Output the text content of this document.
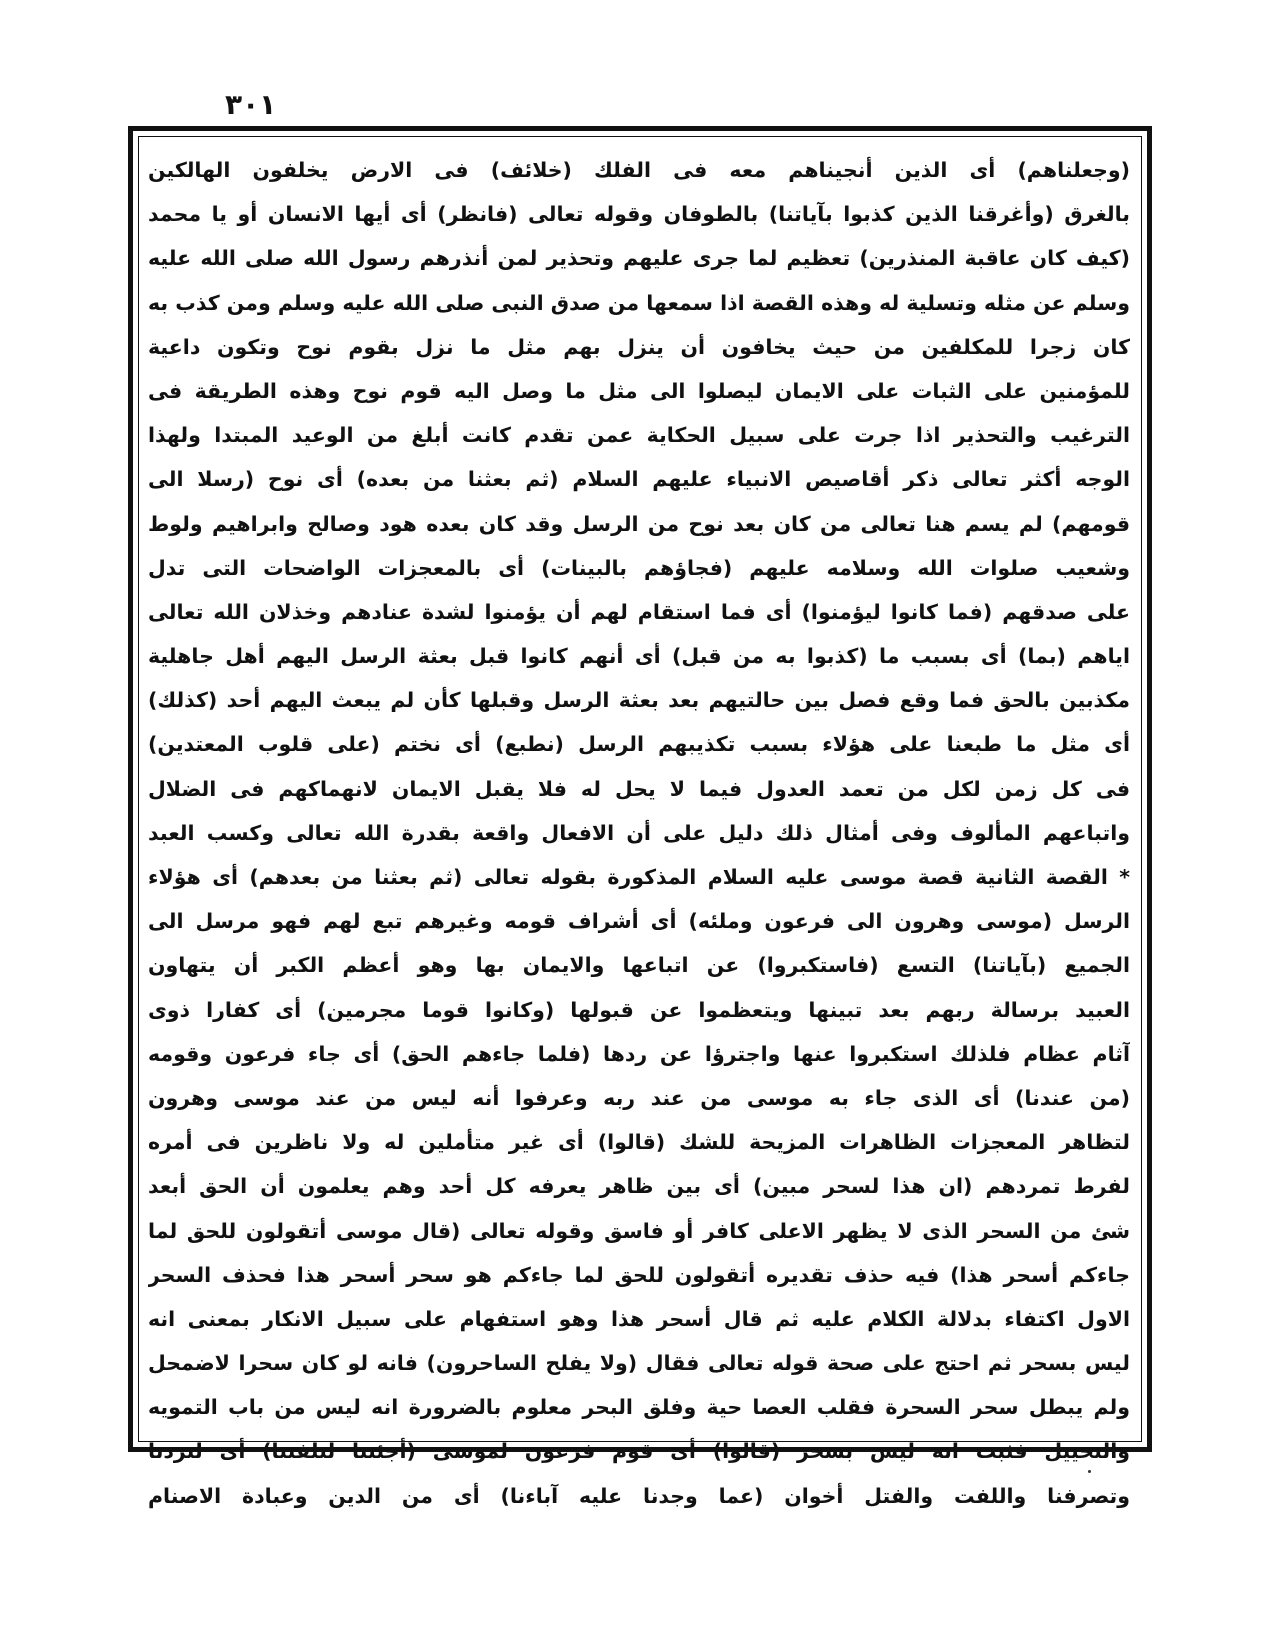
٣٠١
(وجعلناهم) أى الذين أنجيناهم معه فى الفلك (خلائف) فى الارض يخلفون الهالكين
بالغرق (وأغرقنا الذين كذبوا بآياتنا) بالطوفان وقوله تعالى (فانظر) أى أيها الانسان أو يا محمد
(كيف كان عاقبة المنذرين) تعظيم لما جرى عليهم وتحذير لمن أنذرهم رسول الله صلى الله عليه
وسلم عن مثله وتسلية له وهذه القصة اذا سمعها من صدق النبى صلى الله عليه وسلم ومن كذب به
كان زجرا للمكلفين من حيث يخافون أن ينزل بهم مثل ما نزل بقوم نوح وتكون داعية
للمؤمنين على الثبات على الايمان ليصلوا الى مثل ما وصل اليه قوم نوح وهذه الطريقة فى
الترغيب والتحذير اذا جرت على سبيل الحكاية عمن تقدم كانت أبلغ من الوعيد المبتدا ولهذا
الوجه أكثر تعالى ذكر أقاصيص الانبياء عليهم السلام (ثم بعثنا من بعده) أى نوح (رسلا الى
قومهم) لم يسم هنا تعالى من كان بعد نوح من الرسل وقد كان بعده هود وصالح وابراهيم ولوط
وشعيب صلوات الله وسلامه عليهم (فجاؤهم بالبينات) أى بالمعجزات الواضحات التى تدل
على صدقهم (فما كانوا ليؤمنوا) أى فما استقام لهم أن يؤمنوا لشدة عنادهم وخذلان الله تعالى
اياهم (بما) أى بسبب ما (كذبوا به من قبل) أى أنهم كانوا قبل بعثة الرسل اليهم أهل جاهلية
مكذبين بالحق فما وقع فصل بين حالتيهم بعد بعثة الرسل وقبلها كأن لم يبعث اليهم أحد (كذلك)
أى مثل ما طبعنا على هؤلاء بسبب تكذيبهم الرسل (نطبع) أى نختم (على قلوب المعتدين)
فى كل زمن لكل من تعمد العدول فيما لا يحل له فلا يقبل الايمان لانهماكهم فى الضلال
واتباعهم المألوف وفى أمثال ذلك دليل على أن الافعال واقعة بقدرة الله تعالى وكسب العبد
* القصة الثانية قصة موسى عليه السلام المذكورة بقوله تعالى (ثم بعثنا من بعدهم) أى هؤلاء
الرسل (موسى وهرون الى فرعون وملئه) أى أشراف قومه وغيرهم تبع لهم فهو مرسل الى
الجميع (بآياتنا) التسع (فاستكبروا) عن اتباعها والايمان بها وهو أعظم الكبر أن يتهاون
العبيد برسالة ربهم بعد تبينها ويتعظموا عن قبولها (وكانوا قوما مجرمين) أى كفارا ذوى
آثام عظام فلذلك استكبروا عنها واجترؤا عن ردها (فلما جاءهم الحق) أى جاء فرعون وقومه
(من عندنا) أى الذى جاء به موسى من عند ربه وعرفوا أنه ليس من عند موسى وهرون
لتظاهر المعجزات الظاهرات المزيحة للشك (قالوا) أى غير متأملين له ولا ناظرين فى أمره
لفرط تمردهم (ان هذا لسحر مبين) أى بين ظاهر يعرفه كل أحد وهم يعلمون أن الحق أبعد
شئ من السحر الذى لا يظهر الاعلى كافر أو فاسق وقوله تعالى (قال موسى أتقولون للحق لما
جاءكم أسحر هذا) فيه حذف تقديره أتقولون للحق لما جاءكم هو سحر أسحر هذا فحذف السحر
الاول اكتفاء بدلالة الكلام عليه ثم قال أسحر هذا وهو استفهام على سبيل الانكار بمعنى انه
ليس بسحر ثم احتج على صحة قوله تعالى فقال (ولا يفلح الساحرون) فانه لو كان سحرا لاضمحل
ولم يبطل سحر السحرة فقلب العصا حية وفلق البحر معلوم بالضرورة انه ليس من باب التمويه
والتخييل فثبت انه ليس بسحر (قالوا) أى قوم فرعون لموسى (أجئتنا لتلفتنا) أى لتردنا
وتصرفنا واللفت والفتل أخوان (عما وجدنا عليه آباءنا) أى من الدين وعبادة الاصنام
